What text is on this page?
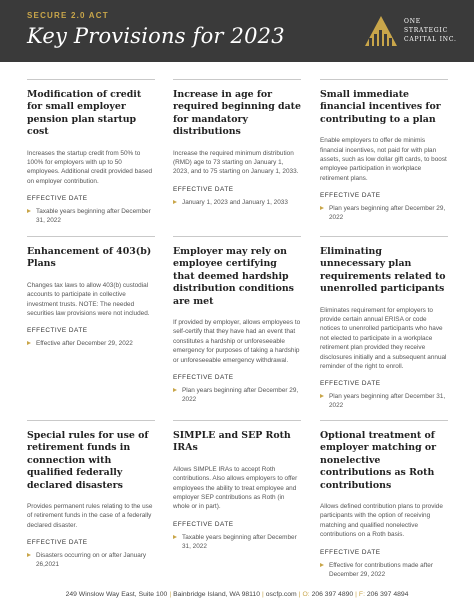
SECURE 2.0 ACT
Key Provisions for 2023
ONE
STRATEGIC
CAPITAL INC.
Modification of credit for small employer pension plan startup cost

Increases the startup credit from 50% to 100% for employers with up to 50 employees. Additional credit provided based on employer contribution.

EFFECTIVE DATE
Taxable years beginning after December 31, 2022
Increase in age for required beginning date for mandatory distributions

Increase the required minimum distribution (RMD) age to 73 starting on January 1, 2023, and to 75 starting on January 1, 2033.

EFFECTIVE DATE
January 1, 2023 and January 1, 2033
Small immediate financial incentives for contributing to a plan

Enable employers to offer de minimis financial incentives, not paid for with plan assets, such as low dollar gift cards, to boost employee participation in workplace retirement plans.

EFFECTIVE DATE
Plan years beginning after December 29, 2022
Enhancement of 403(b) Plans

Changes tax laws to allow 403(b) custodial accounts to participate in collective investment trusts. NOTE: The needed securities law provisions were not included.

EFFECTIVE DATE
Effective after December 29, 2022
Employer may rely on employee certifying that deemed hardship distribution conditions are met

If provided by employer, allows employees to self-certify that they have had an event that constitutes a hardship or unforeseeable emergency for purposes of taking a hardship or unforeseeable emergency withdrawal.

EFFECTIVE DATE
Plan years beginning after December 29, 2022
Eliminating unnecessary plan requirements related to unenrolled participants

Eliminates requirement for employers to provide certain annual ERISA or code notices to unenrolled participants who have not elected to participate in a workplace retirement plan provided they receive disclosures initially and a subsequent annual reminder of the right to enroll.

EFFECTIVE DATE
Plan years beginning after December 31, 2022
Special rules for use of retirement funds in connection with qualified federally declared disasters

Provides permanent rules relating to the use of retirement funds in the case of a federally declared disaster.

EFFECTIVE DATE
Disasters occurring on or after January 26,2021
SIMPLE and SEP Roth IRAs

Allows SIMPLE IRAs to accept Roth contributions. Also allows employers to offer employees the ability to treat employee and employer SEP contributions as Roth (in whole or in part).

EFFECTIVE DATE
Taxable years beginning after December 31, 2022
Optional treatment of employer matching or nonelective contributions as Roth contributions

Allows defined contribution plans to provide participants with the option of receiving matching and qualified nonelective contributions on a Roth basis.

EFFECTIVE DATE
Effective for contributions made after December 29, 2022
249 Winslow Way East, Suite 100 | Bainbridge Island, WA 98110 | oscfp.com | O: 206 397 4890 | F: 206 397 4894
